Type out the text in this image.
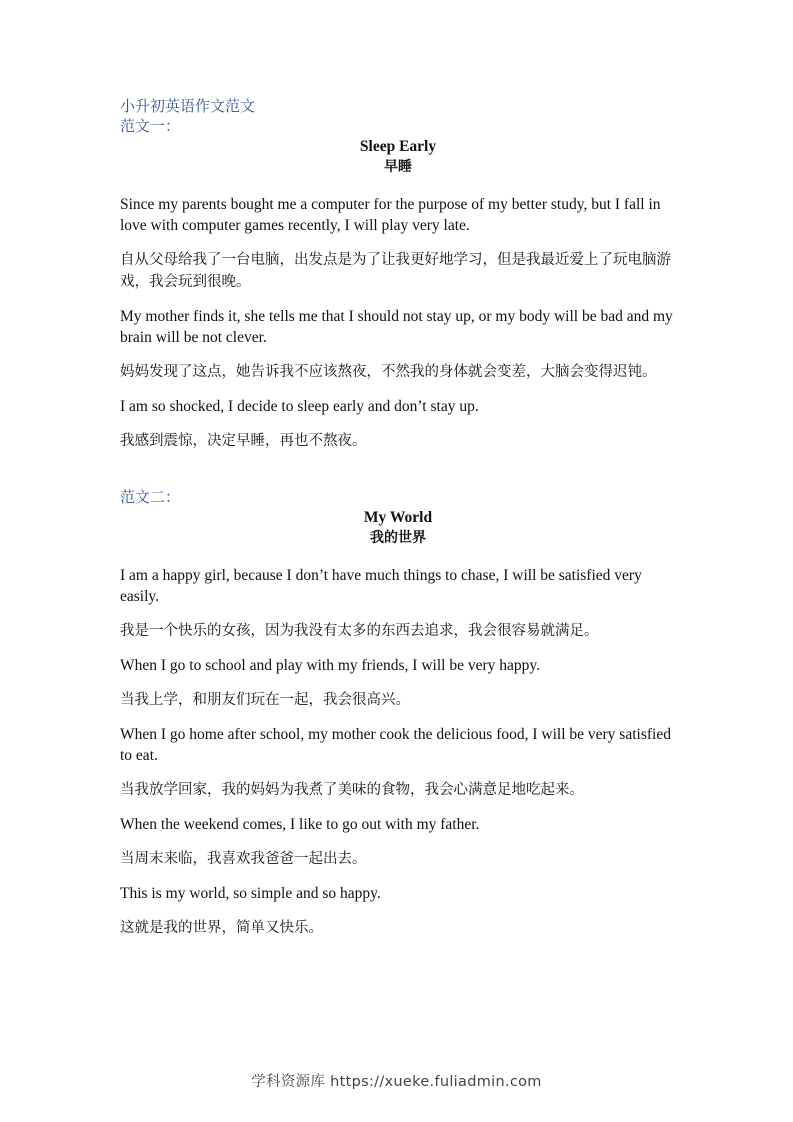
小升初英语作文范文

范文一：

Sleep Early

早睡

Since my parents bought me a computer for the purpose of my better study, but I fall in love with computer games recently, I will play very late.

自从父母给我了一台电脑，出发点是为了让我更好地学习，但是我最近爱上了玩电脑游戏，我会玩到很晚。

My mother finds it, she tells me that I should not stay up, or my body will be bad and my brain will be not clever.

妈妈发现了这点，她告诉我不应该熬夜，不然我的身体就会变差，大脑会变得迟钝。

I am so shocked, I decide to sleep early and don’t stay up.

我感到震惊，决定早睡，再也不熬夜。

范文二：

My World

我的世界

I am a happy girl, because I don’t have much things to chase, I will be satisfied very easily.

我是一个快乐的女孩，因为我没有太多的东西去追求，我会很容易就满足。

When I go to school and play with my friends, I will be very happy.

当我上学，和朋友们玩在一起，我会很高兴。

When I go home after school, my mother cook the delicious food, I will be very satisfied to eat.

当我放学回家，我的妈妈为我煮了美味的食物，我会心满意足地吃起来。

When the weekend comes, I like to go out with my father.

当周末来临，我喜欢我爸爸一起出去。

This is my world, so simple and so happy.

这就是我的世界，简单又快乐。

学科资源库 https://xueke.fuliadmin.com
